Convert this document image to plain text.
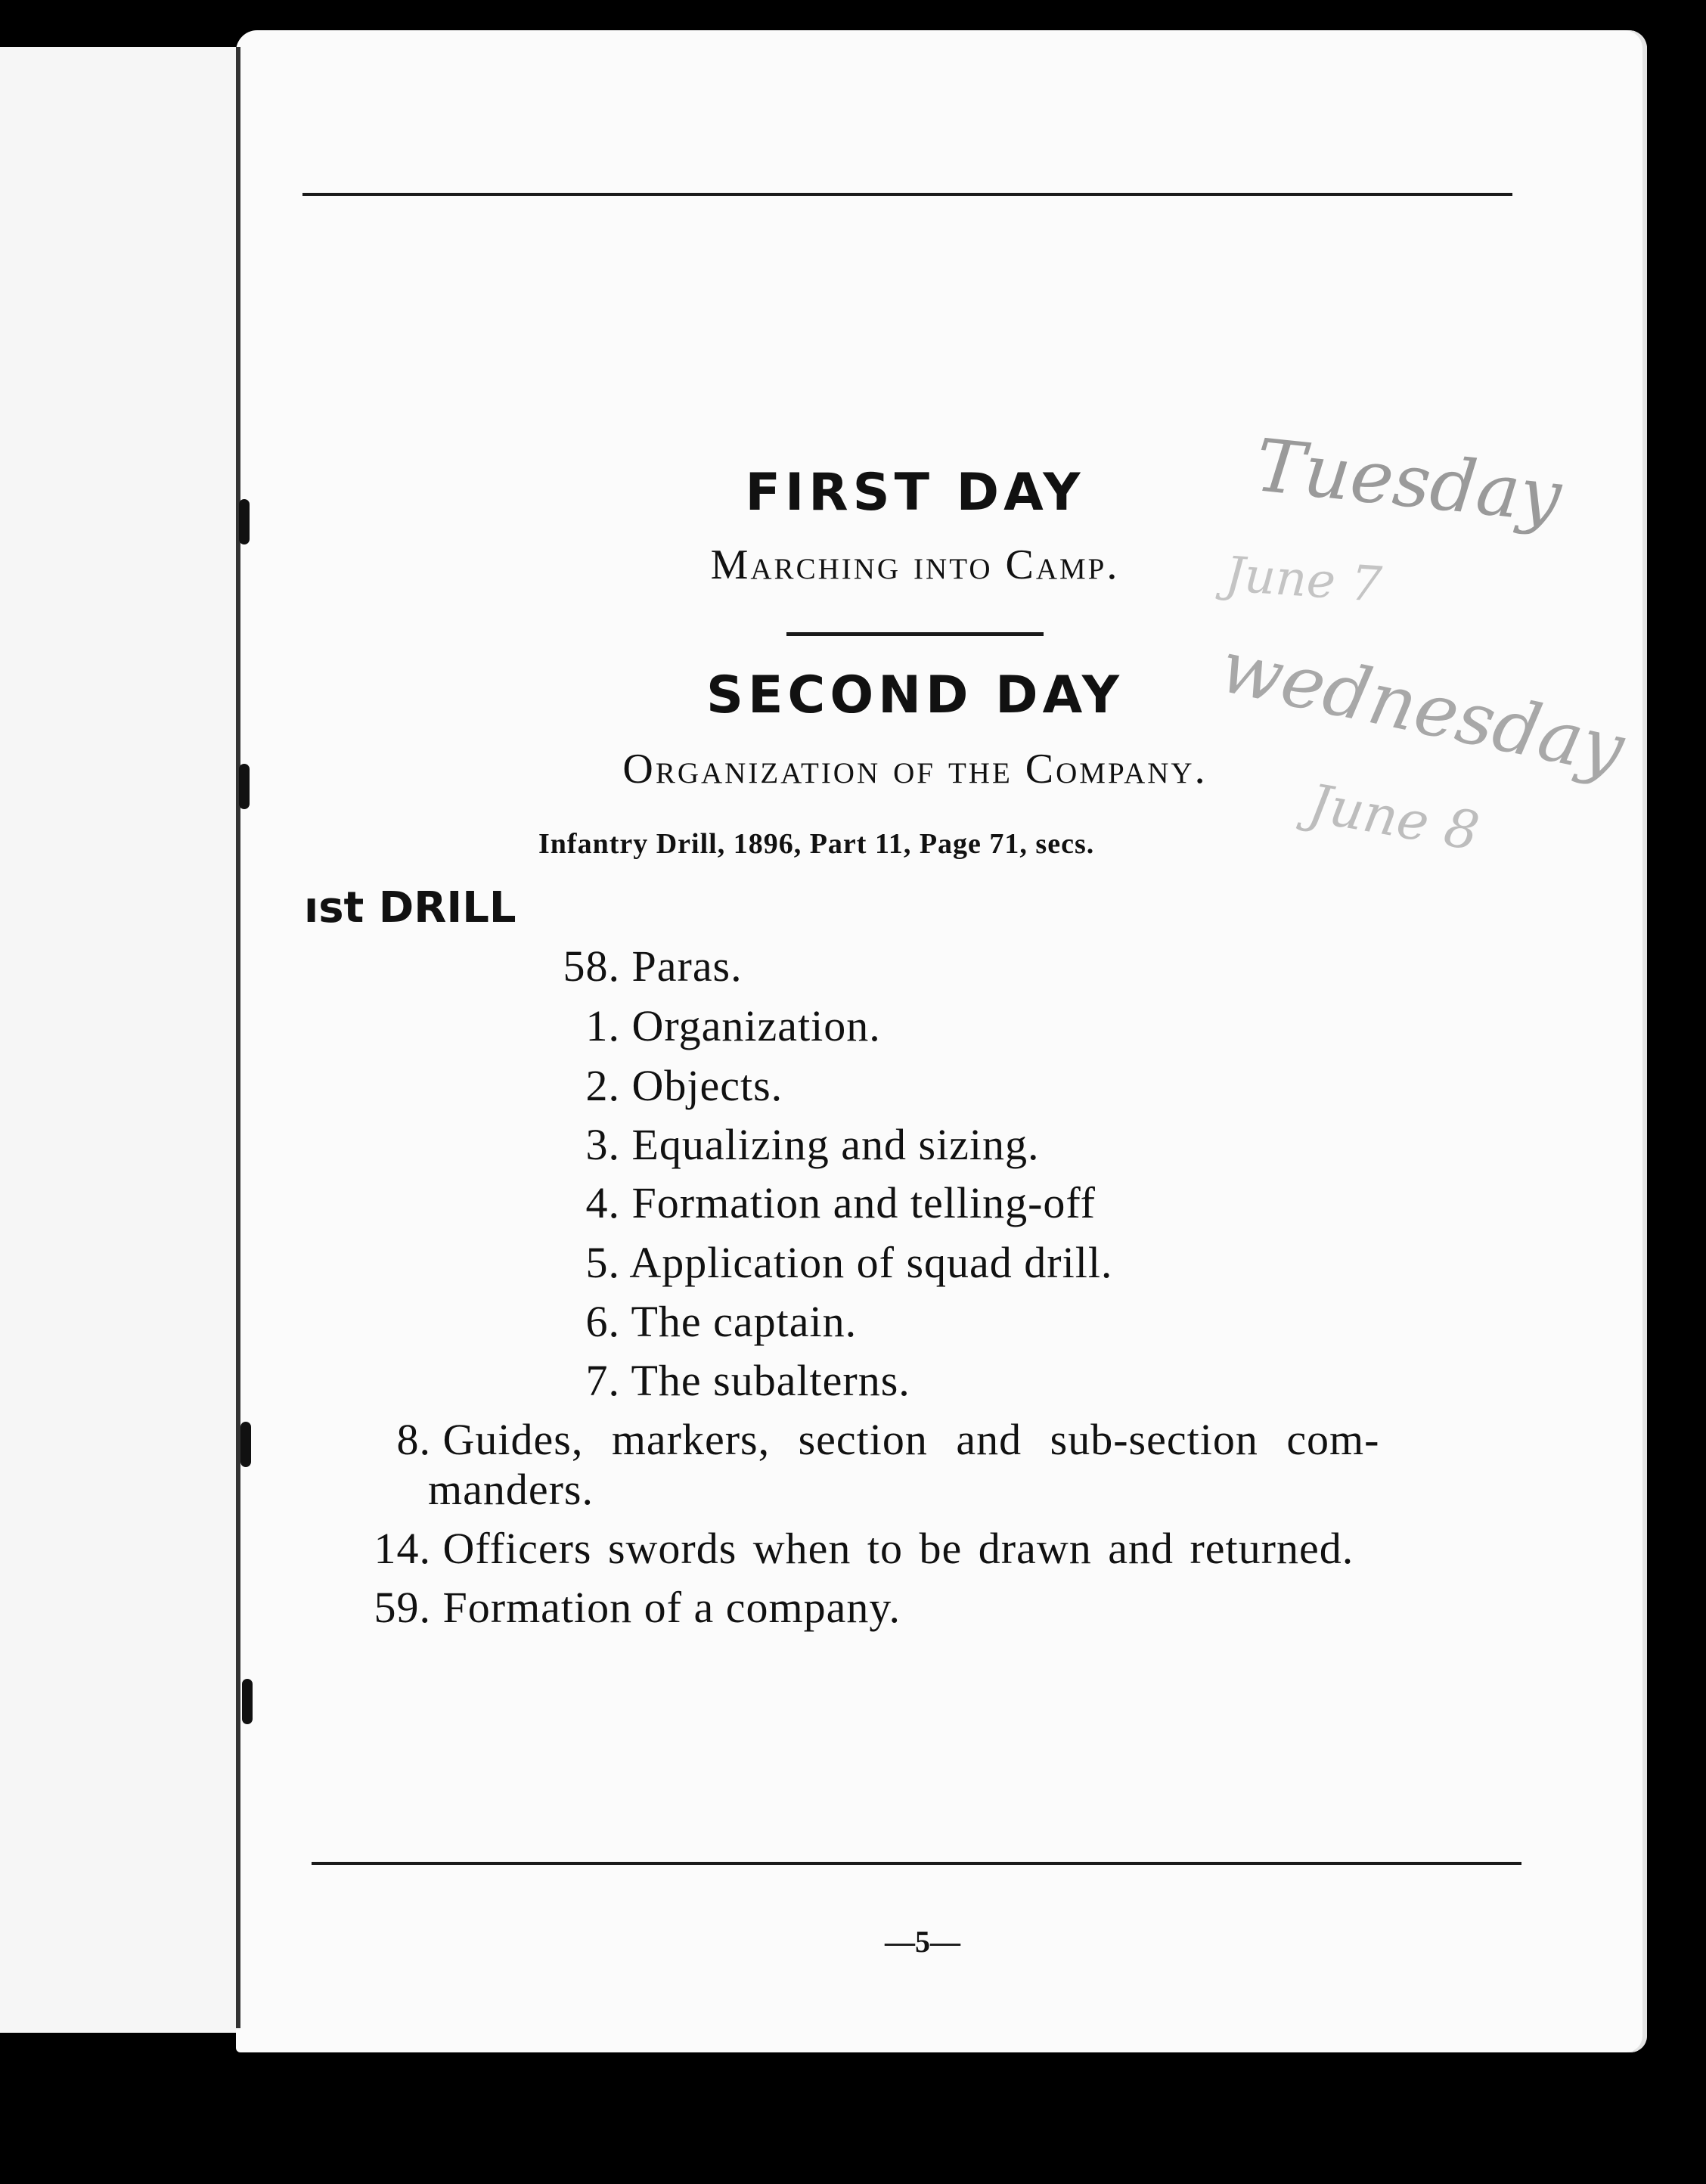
FIRST DAY
Marching into Camp.
SECOND DAY
Organization of the Company.
Infantry Drill, 1896, Part 11, Page 71, secs.
ıst DRILL
58. Paras.
1. Organization.
2. Objects.
3. Equalizing and sizing.
4. Formation and telling-off
5. Application of squad drill.
6. The captain.
7. The subalterns.
8. Guides, markers, section and sub-section com-
manders.
14. Officers swords when to be drawn and returned.
59. Formation of a company.
Tuesday
June 7
wednesday
June 8
—5—
